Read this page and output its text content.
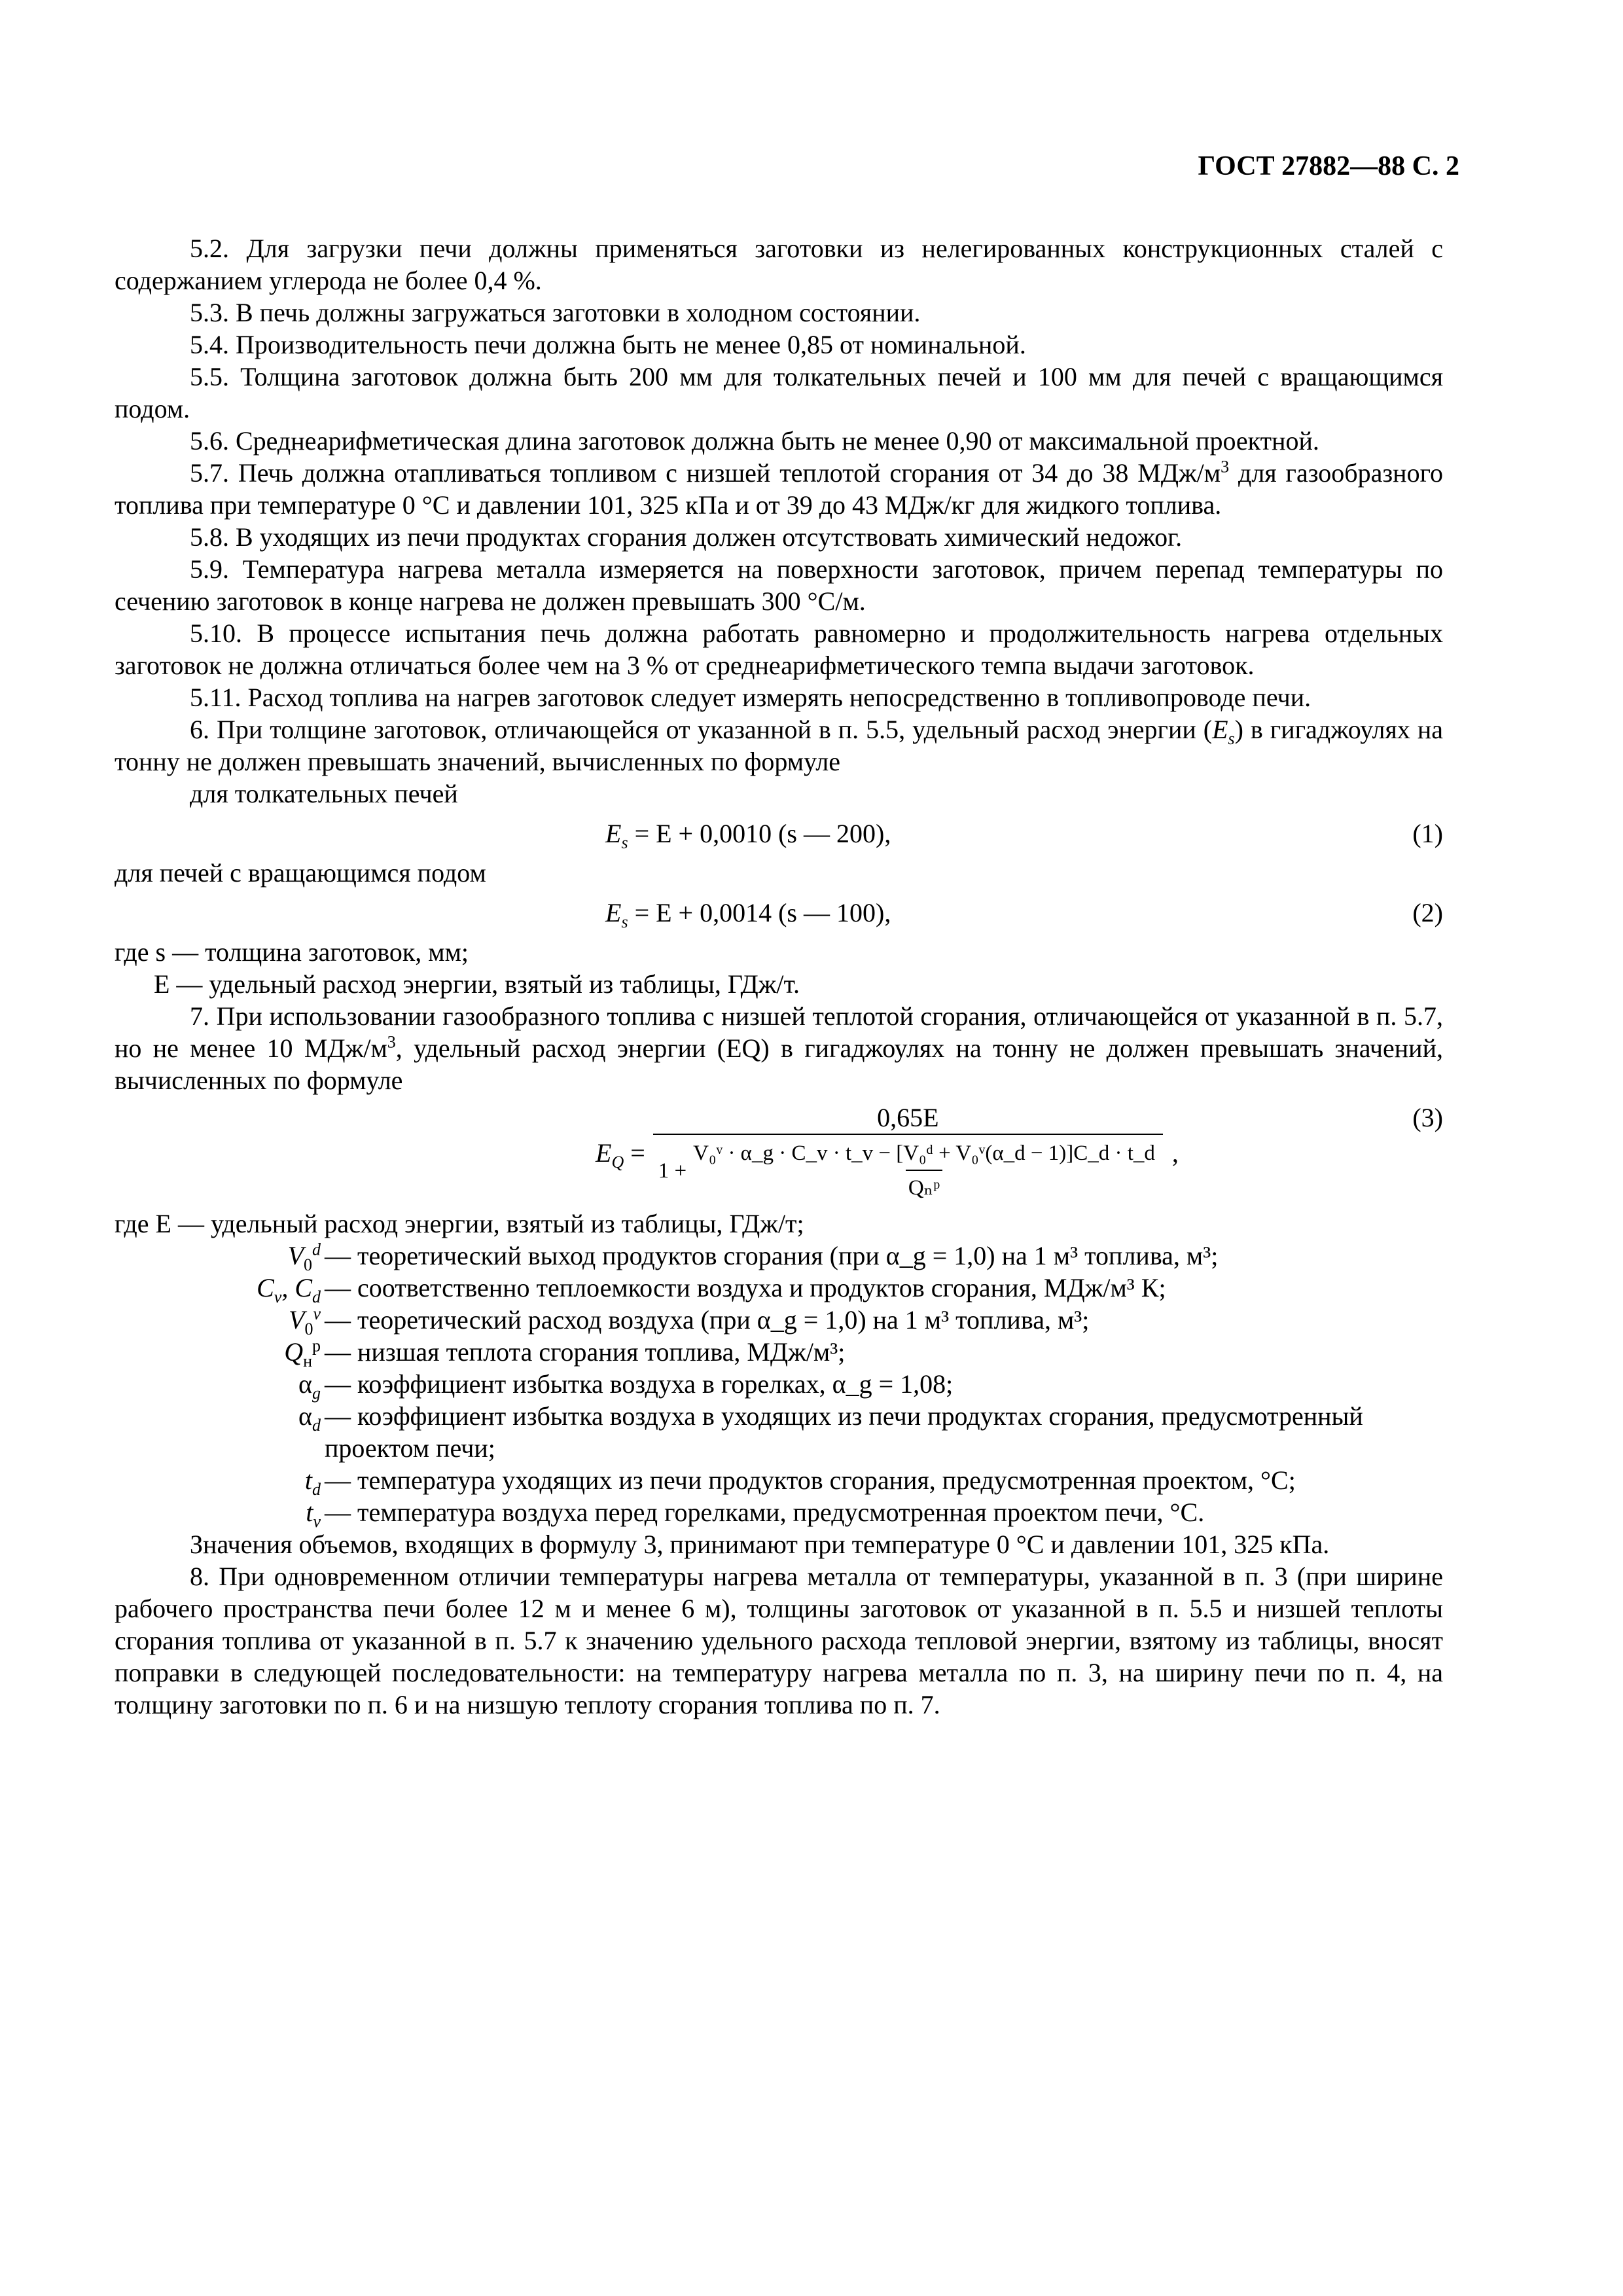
ГОСТ 27882—88 С. 2

5.2. Для загрузки печи должны применяться заготовки из нелегированных конструкционных сталей с содержанием углерода не более 0,4 %.

5.3. В печь должны загружаться заготовки в холодном состоянии.

5.4. Производительность печи должна быть не менее 0,85 от номинальной.

5.5. Толщина заготовок должна быть 200 мм для толкательных печей и 100 мм для печей с вращающимся подом.

5.6. Среднеарифметическая длина заготовок должна быть не менее 0,90 от максимальной проектной.

5.7. Печь должна отапливаться топливом с низшей теплотой сгорания от 34 до 38 МДж/$м^3$ для газообразного топлива при температуре 0 °С и давлении 101, 325 кПа и от 39 до 43 МДж/кг для жидкого топлива.

5.8. В уходящих из печи продуктах сгорания должен отсутствовать химический недожог.

5.9. Температура нагрева металла измеряется на поверхности заготовок, причем перепад температуры по сечению заготовок в конце нагрева не должен превышать 300 °С/м.

5.10. В процессе испытания печь должна работать равномерно и продолжительность нагрева отдельных заготовок не должна отличаться более чем на 3 % от среднеарифметического темпа выдачи заготовок.

5.11. Расход топлива на нагрев заготовок следует измерять непосредственно в топливопроводе печи.

6. При толщине заготовок, отличающейся от указанной в п. 5.5, удельный расход энергии $(E_s)$ в гигаджоулях на тонну не должен превышать значений, вычисленных по формуле

для толкательных печей

$E_s = E + 0,0010$ (s — 200),	(1)

для печей с вращающимся подом

$E_s = E + 0,0014$ (s — 100),	(2)

где s — толщина заготовок, мм;

E — удельный расход энергии, взятый из таблицы, ГДж/т.

7. При использовании газообразного топлива с низшей теплотой сгорания, отличающейся от указанной в п. 5.7, но не менее 10 МДж/$м^3$, удельный расход энергии (EQ) в гигаджоулях на тонну не должен превышать значений, вычисленных по формуле

$E_Q$ =
0,65E
1 +
V₀ᵛ · α_g · C_v · t_v − [V₀ᵈ + V₀ᵛ(α_d − 1)]C_d · t_d
Qₙᵖ
,
(3)

где E — удельный расход энергии, взятый из таблицы, ГДж/т;

$V_0^d$ — теоретический выход продуктов сгорания (при α_g = 1,0) на 1 м³ топлива, м³;
$C_v$, $C_d$ — соответственно теплоемкости воздуха и продуктов сгорания, МДж/м³ К;
$V_0^v$ — теоретический расход воздуха (при α_g = 1,0) на 1 м³ топлива, м³;
$Q_н^р$ — низшая теплота сгорания топлива, МДж/м³;
$\alpha_g$ — коэффициент избытка воздуха в горелках, α_g = 1,08;
$\alpha_d$ — коэффициент избытка воздуха в уходящих из печи продуктах сгорания, предусмотренный проектом печи;
$t_d$ — температура уходящих из печи продуктов сгорания, предусмотренная проектом, °С;
$t_v$ — температура воздуха перед горелками, предусмотренная проектом печи, °С.

Значения объемов, входящих в формулу 3, принимают при температуре 0 °С и давлении 101, 325 кПа.

8. При одновременном отличии температуры нагрева металла от температуры, указанной в п. 3 (при ширине рабочего пространства печи более 12 м и менее 6 м), толщины заготовок от указанной в п. 5.5 и низшей теплоты сгорания топлива от указанной в п. 5.7 к значению удельного расхода тепловой энергии, взятому из таблицы, вносят поправки в следующей последовательности: на температуру нагрева металла по п. 3, на ширину печи по п. 4, на толщину заготовки по п. 6 и на низшую теплоту сгорания топлива по п. 7.
